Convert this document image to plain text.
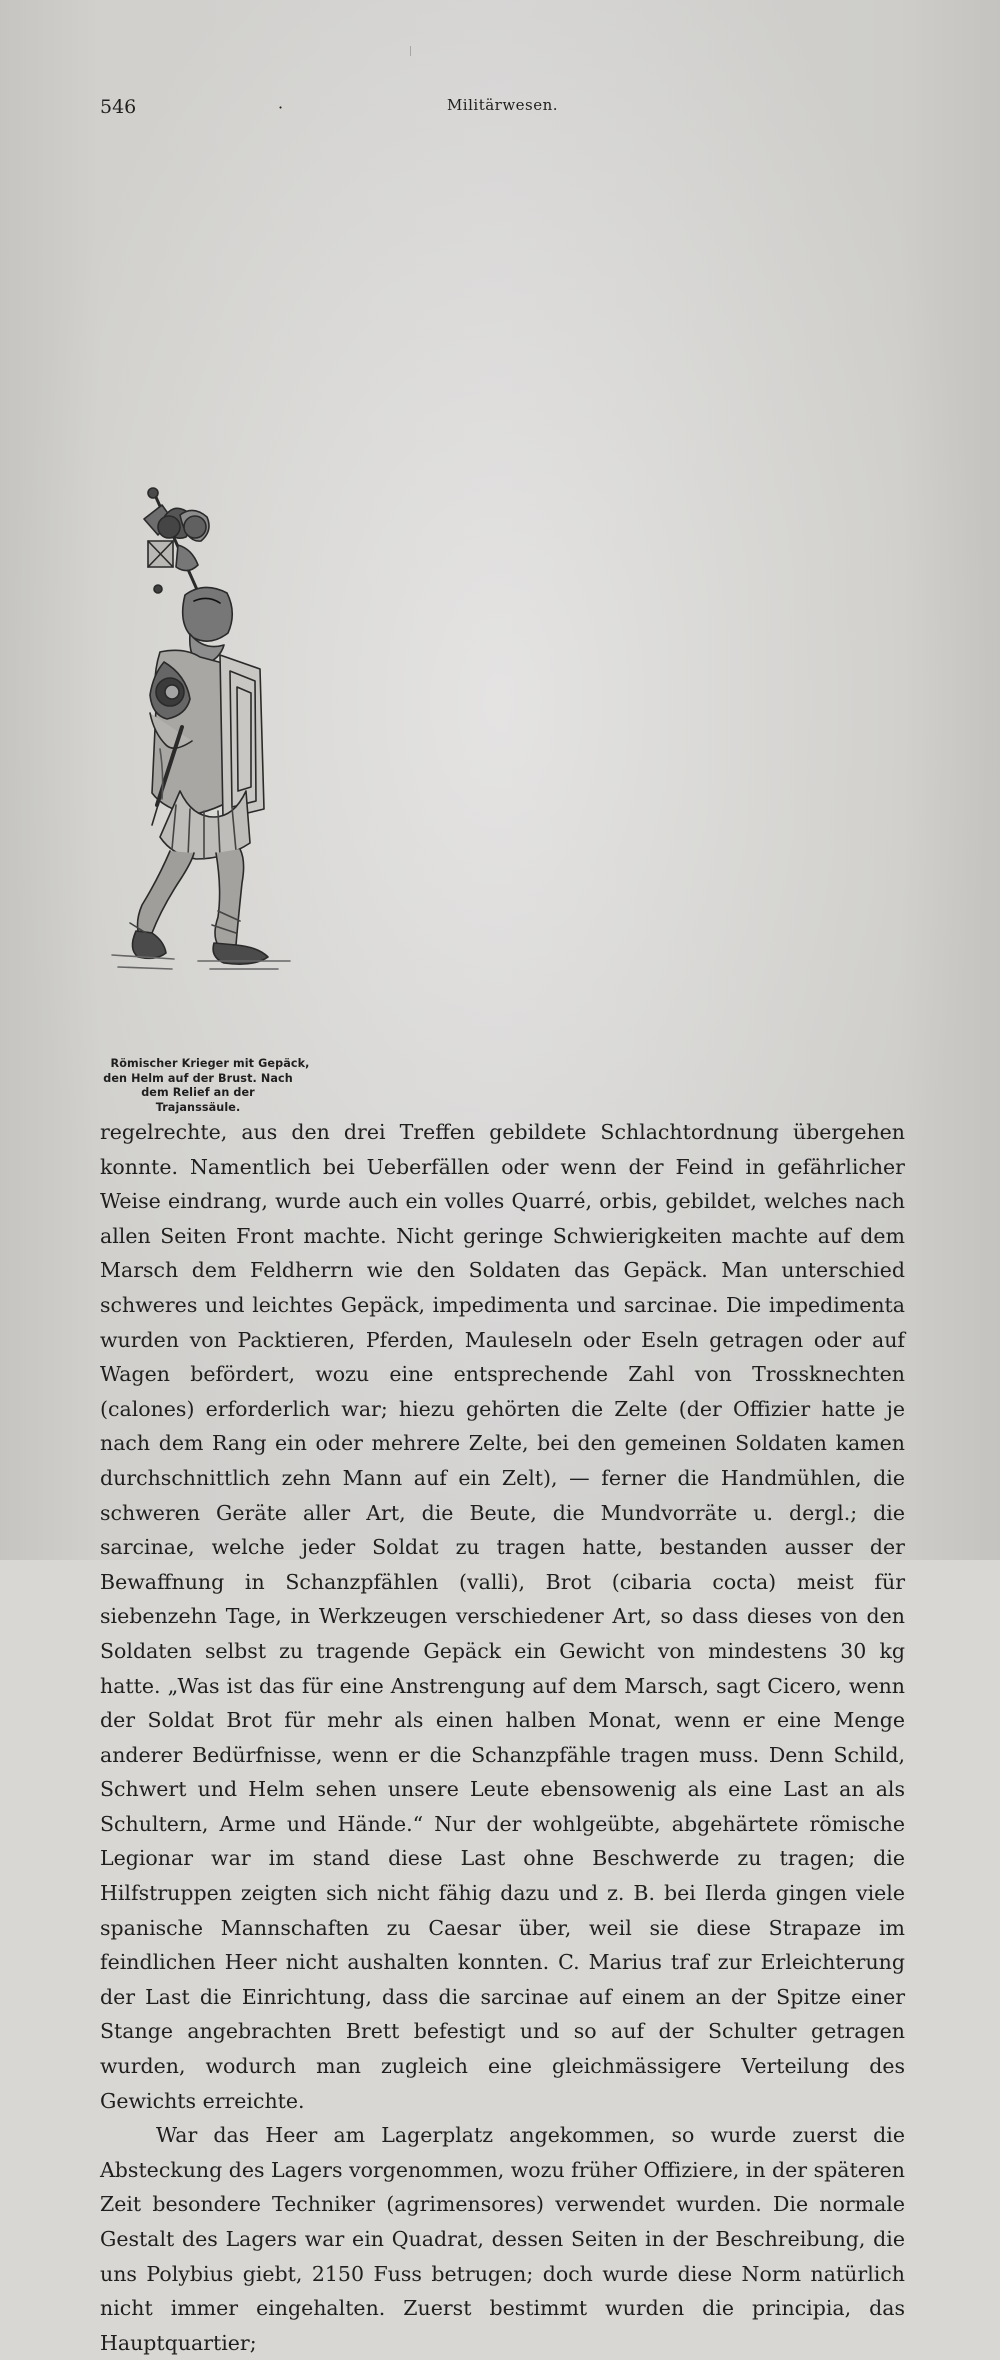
546	·	Militärwesen.

Römischer Krieger mit Gepäck, den Helm auf der Brust. Nach dem Relief an der Trajanssäule.
regelrechte, aus den drei Treffen gebildete Schlachtordnung übergehen konnte. Namentlich bei Ueberfällen oder wenn der Feind in gefährlicher Weise eindrang, wurde auch ein volles Quarré, orbis, gebildet, welches nach allen Seiten Front machte. Nicht geringe Schwierigkeiten machte auf dem Marsch dem Feldherrn wie den Soldaten das Gepäck. Man unterschied schweres und leichtes Gepäck, impedimenta und sarcinae. Die impedimenta wurden von Packtieren, Pferden, Mauleseln oder Eseln getragen oder auf Wagen befördert, wozu eine entsprechende Zahl von Trossknechten (calones) erforderlich war; hiezu gehörten die Zelte (der Offizier hatte je nach dem Rang ein oder mehrere Zelte, bei den gemeinen Soldaten kamen durchschnittlich zehn Mann auf ein Zelt), — ferner die Handmühlen, die schweren Geräte aller Art, die Beute, die Mundvorräte u. dergl.; die sarcinae, welche jeder Soldat zu tragen hatte, bestanden ausser der Bewaffnung in Schanzpfählen (valli), Brot (cibaria cocta) meist für siebenzehn Tage, in Werkzeugen verschiedener Art, so dass dieses von den Soldaten selbst zu tragende Gepäck ein Gewicht von mindestens 30 kg hatte. „Was ist das für eine Anstrengung auf dem Marsch, sagt Cicero, wenn der Soldat Brot für mehr als einen halben Monat, wenn er eine Menge anderer Bedürfnisse, wenn er die Schanzpfähle tragen muss. Denn Schild, Schwert und Helm sehen unsere Leute ebensowenig als eine Last an als Schultern, Arme und Hände.“ Nur der wohlgeübte, abgehärtete römische Legionar war im stand diese Last ohne Beschwerde zu tragen; die Hilfstruppen zeigten sich nicht fähig dazu und z. B. bei Ilerda gingen viele spanische Mannschaften zu Caesar über, weil sie diese Strapaze im feindlichen Heer nicht aushalten konnten. C. Marius traf zur Erleichterung der Last die Einrichtung, dass die sarcinae auf einem an der Spitze einer Stange angebrachten Brett befestigt und so auf der Schulter getragen wurden, wodurch man zugleich eine gleichmässigere Verteilung des Gewichts erreichte.

War das Heer am Lagerplatz angekommen, so wurde zuerst die Absteckung des Lagers vorgenommen, wozu früher Offiziere, in der späteren Zeit besondere Techniker (agrimensores) verwendet wurden. Die normale Gestalt des Lagers war ein Quadrat, dessen Seiten in der Beschreibung, die uns Polybius giebt, 2150 Fuss betrugen; doch wurde diese Norm natürlich nicht immer eingehalten. Zuerst bestimmt wurden die principia, das Hauptquartier;
